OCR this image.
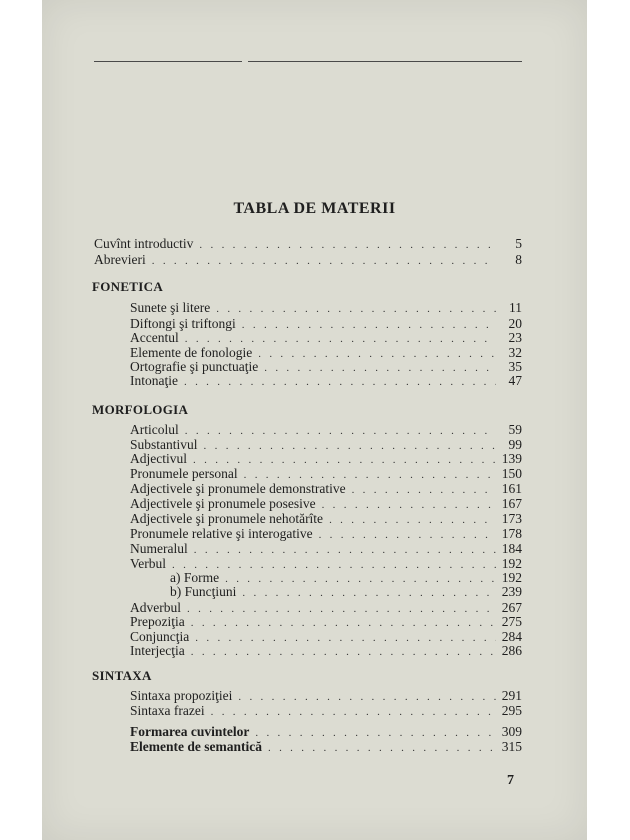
TABLA DE MATERII
Cuvînt introductiv . . .	5
Abrevieri . . .	8
FONETICA
Sunete şi litere . . .	11
Diftongi şi triftongi . . .	20
Accentul . . .	23
Elemente de fonologie . . .	32
Ortografie şi punctuaţie . . .	35
Intonaţie . . .	47
MORFOLOGIA
Articolul . . .	59
Substantivul . . .	99
Adjectivul . . .	139
Pronumele personal . . .	150
Adjectivele şi pronumele demonstrative . . .	161
Adjectivele şi pronumele posesive . . .	167
Adjectivele şi pronumele nehotărîte . . .	173
Pronumele relative şi interogative . . .	178
Numeralul . . .	184
Verbul . . .	192
a) Forme . . .	192
b) Funcţiuni . . .	239
Adverbul . . .	267
Prepoziţia . . .	275
Conjuncţia . . .	284
Interjecţia . . .	286
SINTAXA
Sintaxa propoziţiei . . .	291
Sintaxa frazei . . .	295
Formarea cuvintelor . . .	309
Elemente de semantică . . .	315
7
